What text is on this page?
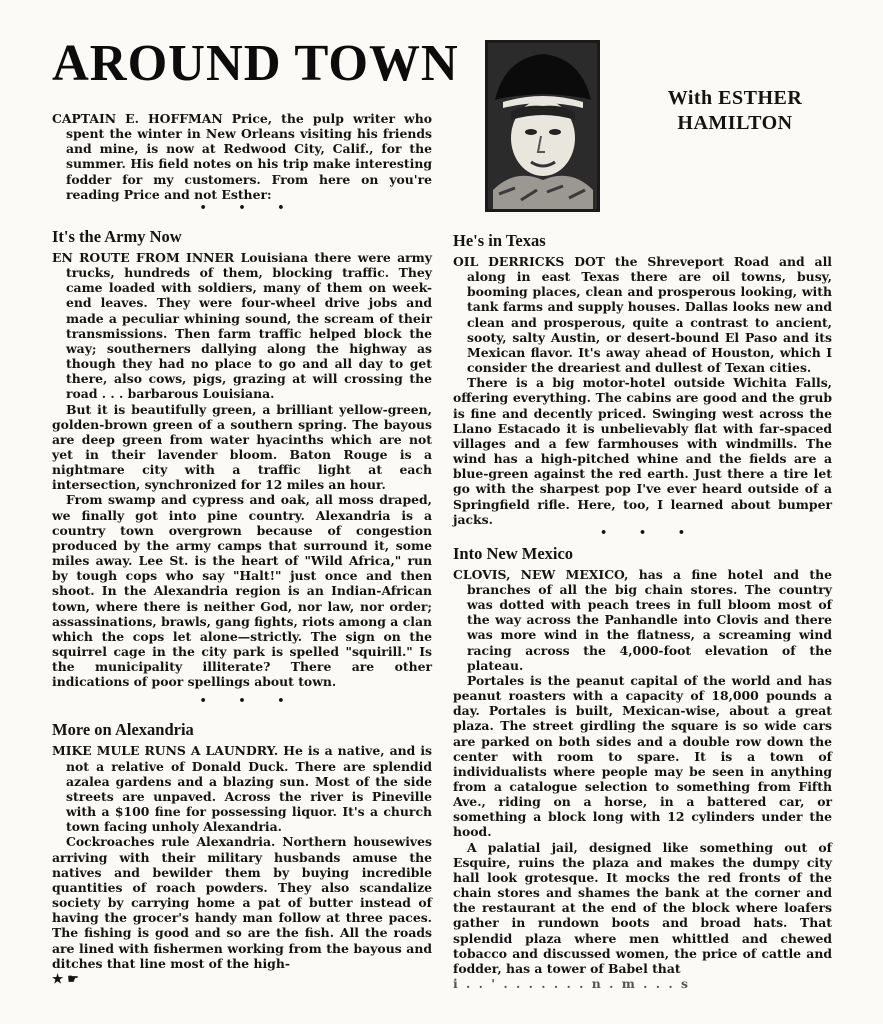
AROUND TOWN
With ESTHER
HAMILTON

CAPTAIN E. HOFFMAN Price, the pulp writer who spent the winter in New Orleans visiting his friends and mine, is now at Redwood City, Calif., for the summer. His field notes on his trip make interesting fodder for my customers. From here on you're reading Price and not Esther:

• • •
It's the Army Now

EN ROUTE FROM INNER Louisiana there were army trucks, hundreds of them, blocking traffic. They came loaded with soldiers, many of them on week-end leaves. They were four-wheel drive jobs and made a peculiar whining sound, the scream of their transmissions. Then farm traffic helped block the way; southerners dallying along the highway as though they had no place to go and all day to get there, also cows, pigs, grazing at will crossing the road . . . barbarous Louisiana.

But it is beautifully green, a brilliant yellow-green, golden-brown green of a southern spring. The bayous are deep green from water hyacinths which are not yet in their lavender bloom. Baton Rouge is a nightmare city with a traffic light at each intersection, synchronized for 12 miles an hour.

From swamp and cypress and oak, all moss draped, we finally got into pine country. Alexandria is a country town overgrown because of congestion produced by the army camps that surround it, some miles away. Lee St. is the heart of "Wild Africa," run by tough cops who say "Halt!" just once and then shoot. In the Alexandria region is an Indian-African town, where there is neither God, nor law, nor order; assassinations, brawls, gang fights, riots among a clan which the cops let alone—strictly. The sign on the squirrel cage in the city park is spelled "squirill." Is the municipality illiterate? There are other indications of poor spellings about town.

• • •
More on Alexandria

MIKE MULE RUNS A LAUNDRY. He is a native, and is not a relative of Donald Duck. There are splendid azalea gardens and a blazing sun. Most of the side streets are unpaved. Across the river is Pineville with a $100 fine for possessing liquor. It's a church town facing unholy Alexandria.

Cockroaches rule Alexandria. Northern housewives arriving with their military husbands amuse the natives and bewilder them by buying incredible quantities of roach powders. They also scandalize society by carrying home a pat of butter instead of having the grocer's handy man follow at three paces. The fishing is good and so are the fish. All the roads are lined with fishermen working from the bayous and ditches that line most of the high-

★ ☛

He's in Texas

OIL DERRICKS DOT the Shreveport Road and all along in east Texas there are oil towns, busy, booming places, clean and prosperous looking, with tank farms and supply houses. Dallas looks new and clean and prosperous, quite a contrast to ancient, sooty, salty Austin, or desert-bound El Paso and its Mexican flavor. It's away ahead of Houston, which I consider the dreariest and dullest of Texan cities.

There is a big motor-hotel outside Wichita Falls, offering everything. The cabins are good and the grub is fine and decently priced. Swinging west across the Llano Estacado it is unbelievably flat with far-spaced villages and a few farmhouses with windmills. The wind has a high-pitched whine and the fields are a blue-green against the red earth. Just there a tire let go with the sharpest pop I've ever heard outside of a Springfield rifle. Here, too, I learned about bumper jacks.

• • •
Into New Mexico

CLOVIS, NEW MEXICO, has a fine hotel and the branches of all the big chain stores. The country was dotted with peach trees in full bloom most of the way across the Panhandle into Clovis and there was more wind in the flatness, a screaming wind racing across the 4,000-foot elevation of the plateau.

Portales is the peanut capital of the world and has peanut roasters with a capacity of 18,000 pounds a day. Portales is built, Mexican-wise, about a great plaza. The street girdling the square is so wide cars are parked on both sides and a double row down the center with room to spare. It is a town of individualists where people may be seen in anything from a catalogue selection to something from Fifth Ave., riding on a horse, in a battered car, or something a block long with 12 cylinders under the hood.

A palatial jail, designed like something out of Esquire, ruins the plaza and makes the dumpy city hall look grotesque. It mocks the red fronts of the chain stores and shames the bank at the corner and the restaurant at the end of the block where loafers gather in rundown boots and broad hats. That splendid plaza where men whittled and chewed tobacco and discussed women, the price of cattle and fodder, has a tower of Babel that

i . . ' . . . . . . . n . m . . . s
